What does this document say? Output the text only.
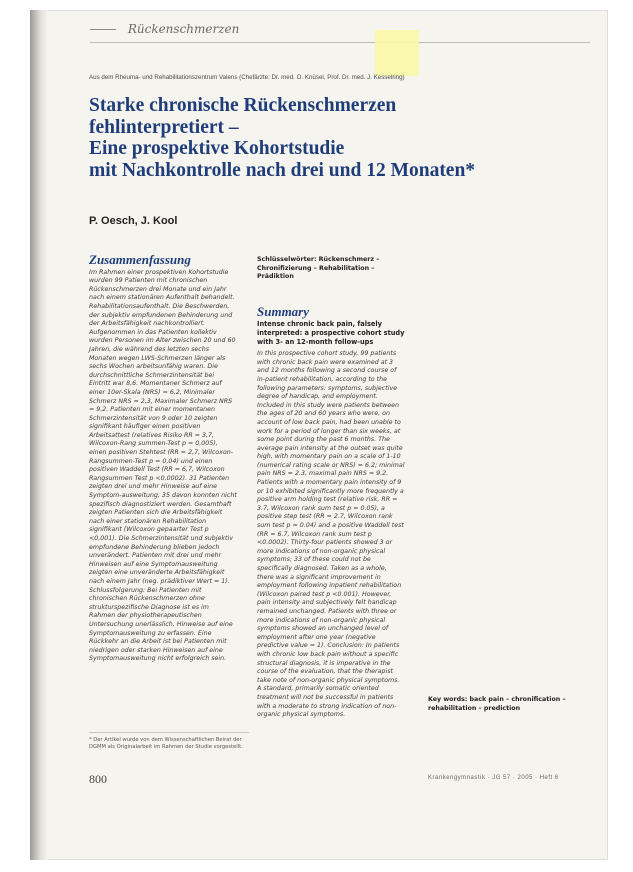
Rückenschmerzen
Aus dem Rheuma- und Rehabilitationszentrum Valens (Chefärzte: Dr. med. O. Knüsel, Prof. Dr. med. J. Kesselring)
Starke chronische Rückenschmerzen
fehlinterpretiert –
Eine prospektive Kohortstudie
mit Nachkontrolle nach drei und 12 Monaten*
P. Oesch, J. Kool
Zusammenfassung

Im Rahmen einer prospektiven Kohortstudie wurden 99 Patienten mit chronischen Rückenschmerzen drei Monate und ein Jahr nach einem stationären Aufenthalt behandelt. Rehabilitationsaufenthalt. Die Beschwerden, der subjektiv empfundenen Behinderung und der Arbeitsfähigkeit nachkontrolliert. Aufgenommen in das Patienten kollektiv wurden Personen im Alter zwischen 20 und 60 Jahren, die während des letzten sechs Monaten wegen LWS-Schmerzen länger als sechs Wochen arbeitsunfähig waren. Die durchschnittliche Schmerzintensität bei Eintritt war 8,6. Momentaner Schmerz auf einer 10er-Skala (NRS) = 6,2, Minimaler Schmerz NRS = 2,3, Maximaler Schmerz NRS = 9,2. Patienten mit einer momentanen Schmerzintensität von 9 oder 10 zeigten signifikant häufiger einen positiven Arbeitsattest (relatives Risiko RR = 3,7, Wilcoxon-Rang summen-Test p = 0,005), einen positiven Stehtest (RR = 2,7, Wilcoxon-Rangsummen-Test p = 0,04) und einen positiven Waddell Test (RR = 6,7, Wilcoxon Rangsummen Test p <0,0002). 31 Patienten zeigten drei und mehr Hinweise auf eine Symptom-ausweitung, 35 davon konnten nicht spezifisch diagnostiziert werden. Gesamthaft zeigten Patienten sich die Arbeitsfähigkeit nach einer stationären Rehabilitation signifikant (Wilcoxon gepaarter Test p <0,001). Die Schmerzintensität und subjektiv empfundene Behinderung blieben jedoch unverändert. Patienten mit drei und mehr Hinweisen auf eine Symptomausweitung zeigten eine unveränderte Arbeitsfähigkeit nach einem Jahr (neg. prädiktiver Wert = 1). Schlussfolgerung: Bei Patienten mit chronischen Rückenschmerzen ohne strukturspezifische Diagnose ist es im Rahmen der physiotherapeutischen Untersuchung unerlässlich, Hinweise auf eine Symptomausweitung zu erfassen. Eine Rückkehr an die Arbeit ist bei Patienten mit niedrigen oder starken Hinweisen auf eine Symptomausweitung nicht erfolgreich sein.

Schlüsselwörter: Rückenschmerz – Chronifizierung – Rehabilitation – Prädiktion

Summary

Intense chronic back pain, falsely interpreted: a prospective cohort study with 3- an 12-month follow-ups

In this prospective cohort study, 99 patients with chronic back pain were examined at 3 and 12 months following a second course of in-patient rehabilitation, according to the following parameters: symptoms, subjective degree of handicap, and employment. Included in this study were patients between the ages of 20 and 60 years who were, on account of low back pain, had been unable to work for a period of longer than six weeks, at some point during the past 6 months. The average pain intensity at the outset was quite high, with momentary pain on a scale of 1-10 (numerical rating scale or NRS) = 6.2; minimal pain NRS = 2.3, maximal pain NRS = 9.2. Patients with a momentary pain intensity of 9 or 10 exhibited significantly more frequently a positive arm holding test (relative risk, RR = 3.7, Wilcoxon rank sum test p = 0.05), a positive step test (RR = 2.7, Wilcoxon rank sum test p = 0.04) and a positive Waddell test (RR = 6.7, Wilcoxon rank sum test p <0.0002). Thirty-four patients showed 3 or more indications of non-organic physical symptoms; 33 of these could not be specifically diagnosed. Taken as a whole, there was a significant improvement in employment following inpatient rehabilitation (Wilcoxon paired test p <0.001). However, pain intensity and subjectively felt handicap remained unchanged. Patients with three or more indications of non-organic physical symptoms showed an unchanged level of employment after one year (negative predictive value = 1). Conclusion: In patients with chronic low back pain without a specific structural diagnosis, it is imperative in the course of the evaluation, that the therapist take note of non-organic physical symptoms. A standard, primarily somatic oriented treatment will not be successful in patients with a moderate to strong indication of non-organic physical symptoms.

Key words: back pain – chronification – rehabilitation – prediction

* Der Artikel wurde von dem Wissenschaftlichen Beirat der DGMM als Originalarbeit im Rahmen der Studie vorgestellt.
800	Krankengymnastik · JG 57 · 2005 · Heft 6
